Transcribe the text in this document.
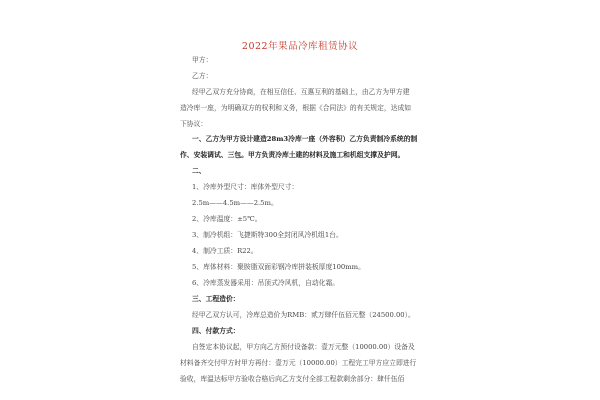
2022年果品冷库租赁协议
甲方：
乙方：
经甲乙双方充分协商，在相互信任、互惠互利的基础上，由乙方为甲方建
造冷库一座，为明确双方的权利和义务，根据《合同法》的有关规定，达成如
下协议：
一、乙方为甲方设计建造28m3冷库一座（外容积）乙方负责制冷系统的制
作、安装调试、三包。甲方负责冷库土建的材料及施工和机组支撑及护网。
二、
1、冷库外型尺寸：库体外型尺寸：
2.5m——4.5m——2.5m。
2、冷库温度：±5℃。
3、制冷机组：飞捷斯特300全封闭风冷机组1台。
4、制冷工质：R22。
5、库体材料：聚胺脂双面彩钢冷库拼装板厚度100mm。
6、冷库蒸发器采用：吊顶式冷风机，自动化霜。
三、工程造价：
经甲乙双方认可，冷库总造价为RMB：贰万肆仟伍佰元整（24500.00）。
四、付款方式：
自签定本协议起，甲方向乙方预付设备款：壹万元整（10000.00）设备及
材料备齐交付甲方时甲方再付：壹万元（10000.00）工程完工甲方应立即进行
验收，库温达标甲方验收合格后向乙方支付全部工程款剩余部分：肆仟伍佰
